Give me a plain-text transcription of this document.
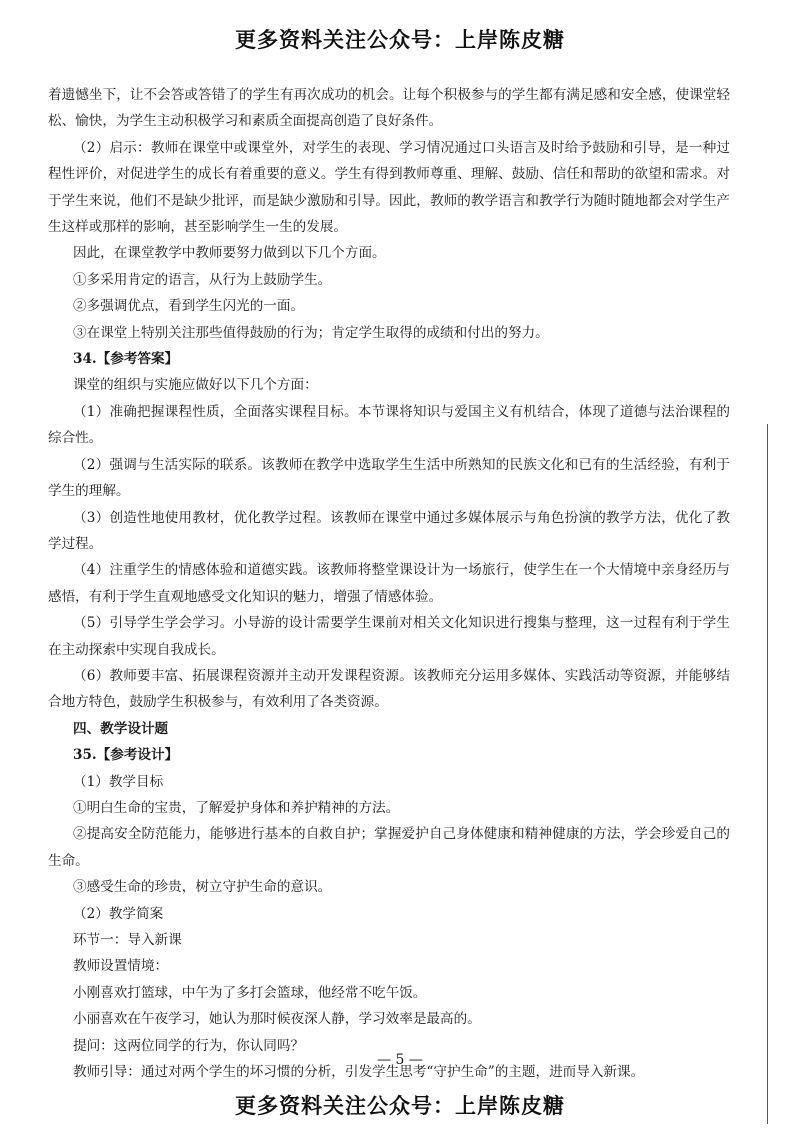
更多资料关注公众号：上岸陈皮糖

着遗憾坐下，让不会答或答错了的学生有再次成功的机会。让每个积极参与的学生都有满足感和安全感，使课堂轻松、愉快，为学生主动积极学习和素质全面提高创造了良好条件。

（2）启示：教师在课堂中或课堂外，对学生的表现、学习情况通过口头语言及时给予鼓励和引导，是一种过程性评价，对促进学生的成长有着重要的意义。学生有得到教师尊重、理解、鼓励、信任和帮助的欲望和需求。对于学生来说，他们不是缺少批评，而是缺少激励和引导。因此，教师的教学语言和教学行为随时随地都会对学生产生这样或那样的影响，甚至影响学生一生的发展。

因此，在课堂教学中教师要努力做到以下几个方面。

①多采用肯定的语言，从行为上鼓励学生。

②多强调优点，看到学生闪光的一面。

③在课堂上特别关注那些值得鼓励的行为；肯定学生取得的成绩和付出的努力。

34.【参考答案】

课堂的组织与实施应做好以下几个方面：

（1）准确把握课程性质，全面落实课程目标。本节课将知识与爱国主义有机结合，体现了道德与法治课程的综合性。

（2）强调与生活实际的联系。该教师在教学中选取学生生活中所熟知的民族文化和已有的生活经验，有利于学生的理解。

（3）创造性地使用教材，优化教学过程。该教师在课堂中通过多媒体展示与角色扮演的教学方法，优化了教学过程。

（4）注重学生的情感体验和道德实践。该教师将整堂课设计为一场旅行，使学生在一个大情境中亲身经历与感悟，有利于学生直观地感受文化知识的魅力，增强了情感体验。

（5）引导学生学会学习。小导游的设计需要学生课前对相关文化知识进行搜集与整理，这一过程有利于学生在主动探索中实现自我成长。

（6）教师要丰富、拓展课程资源并主动开发课程资源。该教师充分运用多媒体、实践活动等资源，并能够结合地方特色，鼓励学生积极参与，有效利用了各类资源。

四、教学设计题

35.【参考设计】

（1）教学目标

①明白生命的宝贵，了解爱护身体和养护精神的方法。

②提高安全防范能力，能够进行基本的自救自护；掌握爱护自己身体健康和精神健康的方法，学会珍爱自己的生命。

③感受生命的珍贵，树立守护生命的意识。

（2）教学简案

环节一：导入新课

教师设置情境：

小刚喜欢打篮球，中午为了多打会篮球，他经常不吃午饭。

小丽喜欢在午夜学习，她认为那时候夜深人静，学习效率是最高的。

提问：这两位同学的行为，你认同吗？

教师引导：通过对两个学生的坏习惯的分析，引发学生思考“守护生命”的主题，进而导入新课。

— 5 —
更多资料关注公众号：上岸陈皮糖
